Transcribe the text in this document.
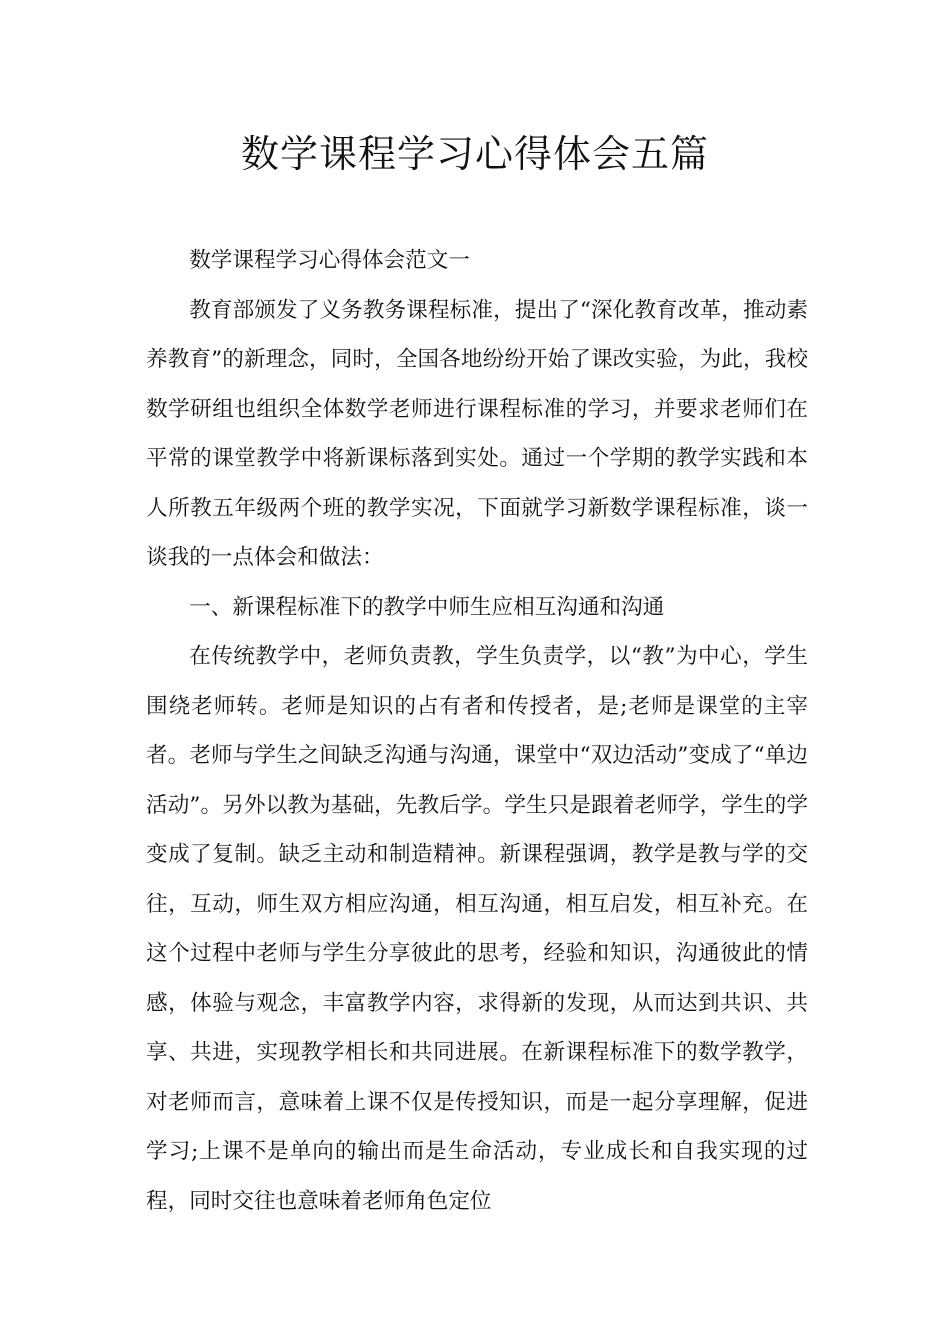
数学课程学习心得体会五篇

数学课程学习心得体会范文一

教育部颁发了义务教务课程标准，提出了“深化教育改革，推动素养教育”的新理念，同时，全国各地纷纷开始了课改实验，为此，我校数学研组也组织全体数学老师进行课程标准的学习，并要求老师们在平常的课堂教学中将新课标落到实处。通过一个学期的教学实践和本人所教五年级两个班的教学实况，下面就学习新数学课程标准，谈一谈我的一点体会和做法：

一、新课程标准下的教学中师生应相互沟通和沟通

在传统教学中，老师负责教，学生负责学，以“教”为中心，学生围绕老师转。老师是知识的占有者和传授者，是;老师是课堂的主宰者。老师与学生之间缺乏沟通与沟通，课堂中“双边活动”变成了“单边活动”。另外以教为基础，先教后学。学生只是跟着老师学，学生的学变成了复制。缺乏主动和制造精神。新课程强调，教学是教与学的交往，互动，师生双方相应沟通，相互沟通，相互启发，相互补充。在这个过程中老师与学生分享彼此的思考，经验和知识，沟通彼此的情感，体验与观念，丰富教学内容，求得新的发现，从而达到共识、共享、共进，实现教学相长和共同进展。在新课程标准下的数学教学，对老师而言，意味着上课不仅是传授知识，而是一起分享理解，促进学习;上课不是单向的输出而是生命活动，专业成长和自我实现的过程，同时交往也意味着老师角色定位
